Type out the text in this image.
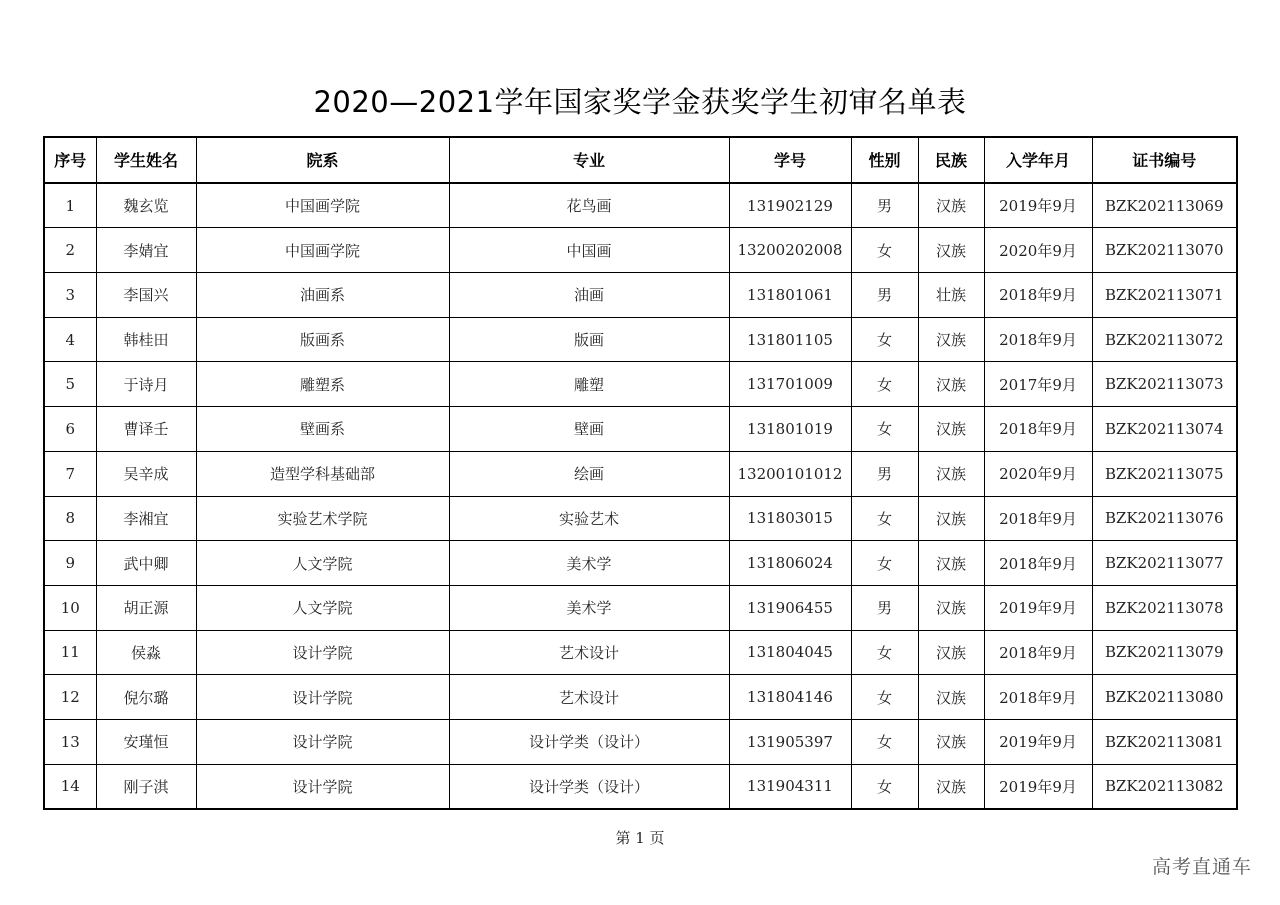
2020—2021学年国家奖学金获奖学生初审名单表
序号	学生姓名	院系	专业	学号	性别	民族	入学年月	证书编号
1	魏玄览	中国画学院	花鸟画	131902129	男	汉族	2019年9月	BZK202113069
2	李婧宜	中国画学院	中国画	13200202008	女	汉族	2020年9月	BZK202113070
3	李国兴	油画系	油画	131801061	男	壮族	2018年9月	BZK202113071
4	韩桂田	版画系	版画	131801105	女	汉族	2018年9月	BZK202113072
5	于诗月	雕塑系	雕塑	131701009	女	汉族	2017年9月	BZK202113073
6	曹译壬	壁画系	壁画	131801019	女	汉族	2018年9月	BZK202113074
7	吴辛成	造型学科基础部	绘画	13200101012	男	汉族	2020年9月	BZK202113075
8	李湘宜	实验艺术学院	实验艺术	131803015	女	汉族	2018年9月	BZK202113076
9	武中卿	人文学院	美术学	131806024	女	汉族	2018年9月	BZK202113077
10	胡正源	人文学院	美术学	131906455	男	汉族	2019年9月	BZK202113078
11	侯淼	设计学院	艺术设计	131804045	女	汉族	2018年9月	BZK202113079
12	倪尔璐	设计学院	艺术设计	131804146	女	汉族	2018年9月	BZK202113080
13	安瑾恒	设计学院	设计学类（设计）	131905397	女	汉族	2019年9月	BZK202113081
14	刚子淇	设计学院	设计学类（设计）	131904311	女	汉族	2019年9月	BZK202113082
第 1 页
高考直通车
